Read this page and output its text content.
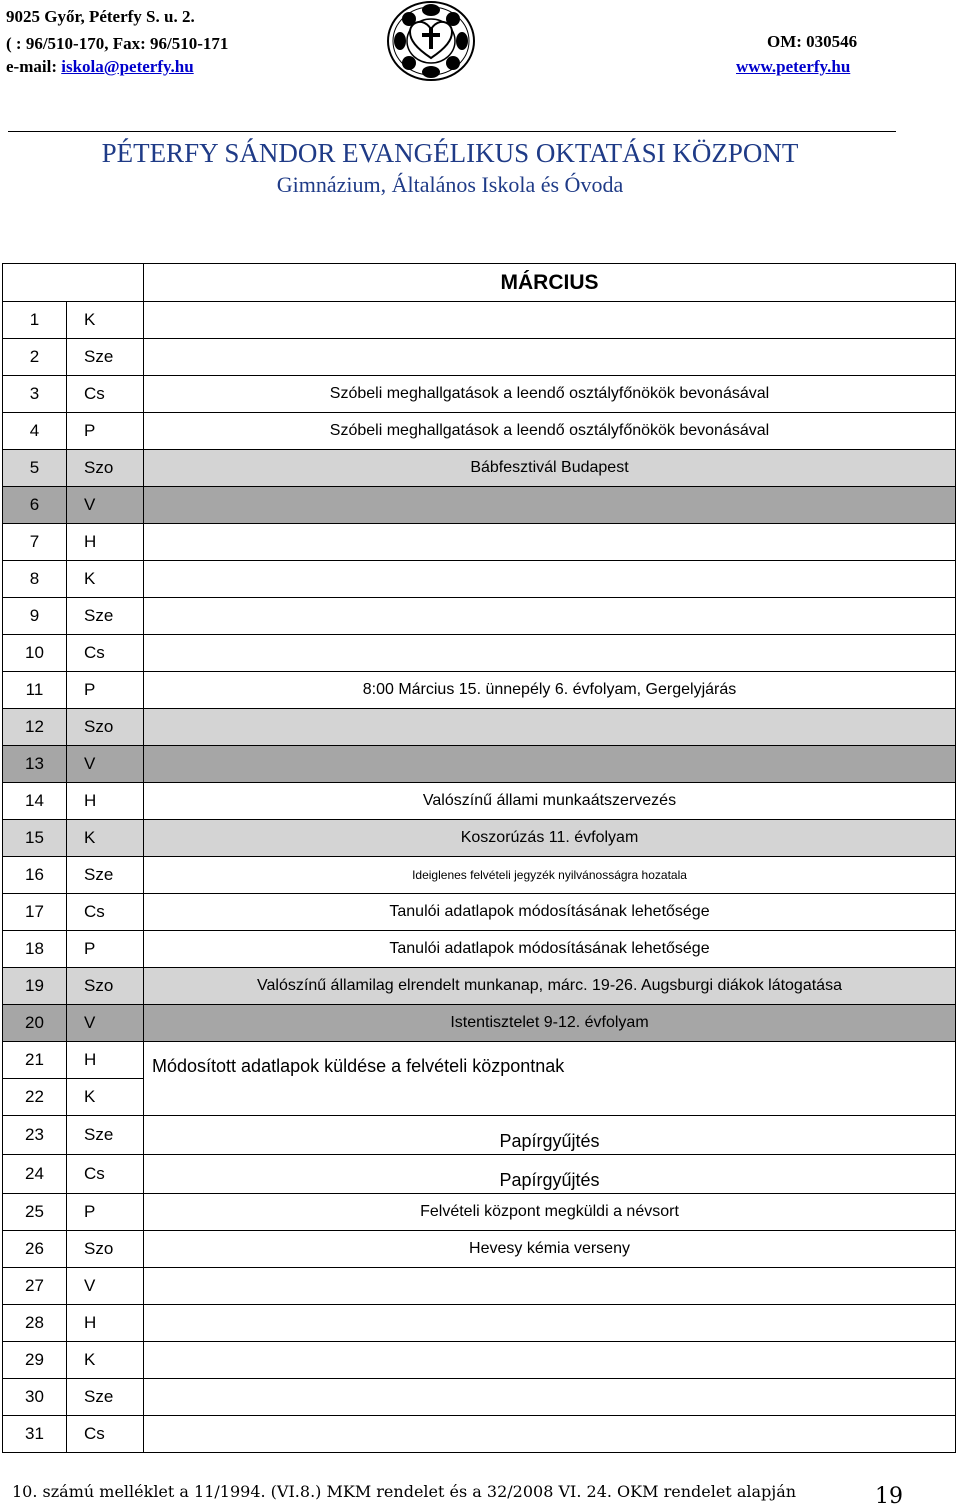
9025 Győr, Péterfy S. u. 2.
( : 96/510-170, Fax: 96/510-171
e-mail: iskola@peterfy.hu
OM: 030546
www.peterfy.hu
PÉTERFY SÁNDOR EVANGÉLIKUS OKTATÁSI KÖZPONT
Gimnázium, Általános Iskola és Óvoda
		MÁRCIUS
1	K	
2	Sze	
3	Cs	Szóbeli meghallgatások a leendő osztályfőnökök bevonásával
4	P	Szóbeli meghallgatások a leendő osztályfőnökök bevonásával
5	Szo	Bábfesztivál Budapest
6	V	
7	H	
8	K	
9	Sze	
10	Cs	
11	P	8:00 Március 15. ünnepély 6. évfolyam, Gergelyjárás
12	Szo	
13	V	
14	H	Valószínű állami munkaátszervezés
15	K	Koszorúzás 11. évfolyam
16	Sze	Ideiglenes felvételi jegyzék nyilvánosságra hozatala
17	Cs	Tanulói adatlapok módosításának lehetősége
18	P	Tanulói adatlapok módosításának lehetősége
19	Szo	Valószínű államilag elrendelt munkanap, márc. 19-26. Augsburgi diákok látogatása
20	V	Istentisztelet 9-12. évfolyam
21	H	Módosított adatlapok küldése a felvételi központnak
22	K	
23	Sze	Papírgyűjtés
24	Cs	Papírgyűjtés
25	P	Felvételi központ megküldi a névsort
26	Szo	Hevesy kémia verseny
27	V	
28	H	
29	K	
30	Sze	
31	Cs	
10. számú melléklet a 11/1994. (VI.8.) MKM rendelet és a 32/2008 VI. 24. OKM rendelet alapján	19
